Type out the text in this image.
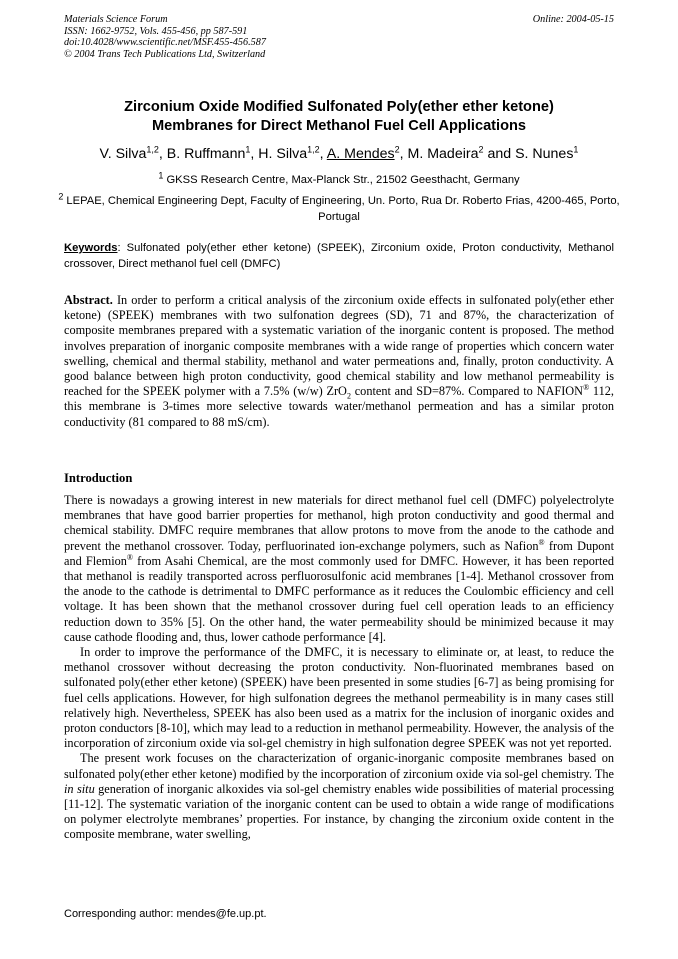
Materials Science Forum
ISSN: 1662-9752, Vols. 455-456, pp 587-591
doi:10.4028/www.scientific.net/MSF.455-456.587
© 2004 Trans Tech Publications Ltd, Switzerland
Online: 2004-05-15
Zirconium Oxide Modified Sulfonated Poly(ether ether ketone)
Membranes for Direct Methanol Fuel Cell Applications
V. Silva$^{1,2}$, B. Ruffmann$^1$, H. Silva$^{1,2}$, A. Mendes$^2$, M. Madeira$^2$ and S. Nunes$^1$
$^1$ GKSS Research Centre, Max-Planck Str., 21502 Geesthacht, Germany
$^2$ LEPAE, Chemical Engineering Dept, Faculty of Engineering, Un. Porto, Rua Dr. Roberto Frias, 4200-465, Porto, Portugal
Keywords: Sulfonated poly(ether ether ketone) (SPEEK), Zirconium oxide, Proton conductivity, Methanol crossover, Direct methanol fuel cell (DMFC)
Abstract. In order to perform a critical analysis of the zirconium oxide effects in sulfonated poly(ether ether ketone) (SPEEK) membranes with two sulfonation degrees (SD), 71 and 87%, the characterization of composite membranes prepared with a systematic variation of the inorganic content is proposed. The method involves preparation of inorganic composite membranes with a wide range of properties which concern water swelling, chemical and thermal stability, methanol and water permeations and, finally, proton conductivity. A good balance between high proton conductivity, good chemical stability and low methanol permeability is reached for the SPEEK polymer with a 7.5% (w/w) ZrO$_2$ content and SD=87%. Compared to NAFION® 112, this membrane is 3-times more selective towards water/methanol permeation and has a similar proton conductivity (81 compared to 88 mS/cm).
Introduction

There is nowadays a growing interest in new materials for direct methanol fuel cell (DMFC) polyelectrolyte membranes that have good barrier properties for methanol, high proton conductivity and good thermal and chemical stability. DMFC require membranes that allow protons to move from the anode to the cathode and prevent the methanol crossover. Today, perfluorinated ion-exchange polymers, such as Nafion® from Dupont and Flemion® from Asahi Chemical, are the most commonly used for DMFC. However, it has been reported that methanol is readily transported across perfluorosulfonic acid membranes [1-4]. Methanol crossover from the anode to the cathode is detrimental to DMFC performance as it reduces the Coulombic efficiency and cell voltage. It has been shown that the methanol crossover during fuel cell operation leads to an efficiency reduction down to 35% [5]. On the other hand, the water permeability should be minimized because it may cause cathode flooding and, thus, lower cathode performance [4].

In order to improve the performance of the DMFC, it is necessary to eliminate or, at least, to reduce the methanol crossover without decreasing the proton conductivity. Non-fluorinated membranes based on sulfonated poly(ether ether ketone) (SPEEK) have been presented in some studies [6-7] as being promising for fuel cells applications. However, for high sulfonation degrees the methanol permeability is in many cases still relatively high. Nevertheless, SPEEK has also been used as a matrix for the inclusion of inorganic oxides and proton conductors [8-10], which may lead to a reduction in methanol permeability. However, the analysis of the incorporation of zirconium oxide via sol-gel chemistry in high sulfonation degree SPEEK was not yet reported.

The present work focuses on the characterization of organic-inorganic composite membranes based on sulfonated poly(ether ether ketone) modified by the incorporation of zirconium oxide via sol-gel chemistry. The in situ generation of inorganic alkoxides via sol-gel chemistry enables wide possibilities of material processing [11-12]. The systematic variation of the inorganic content can be used to obtain a wide range of modifications on polymer electrolyte membranes’ properties. For instance, by changing the zirconium oxide content in the composite membrane, water swelling,

Corresponding author: mendes@fe.up.pt.
